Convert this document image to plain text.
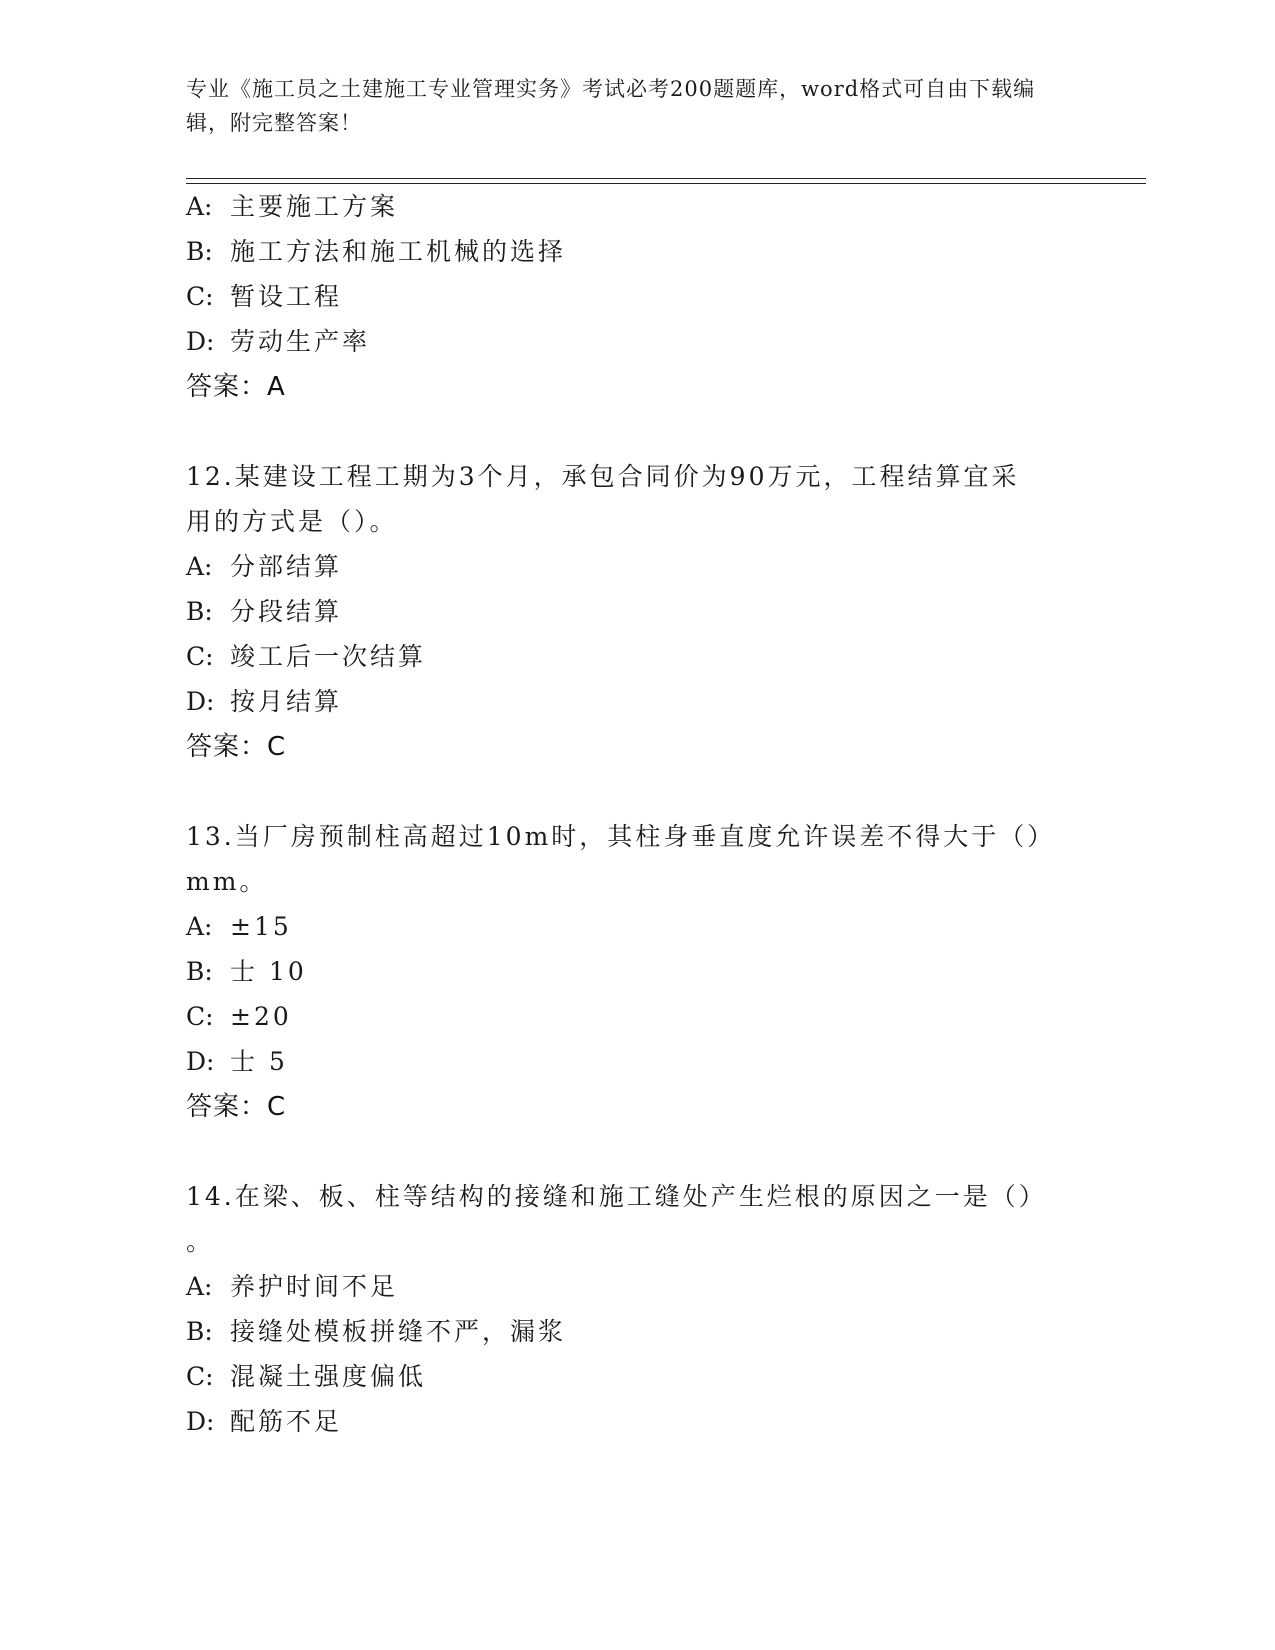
专业《施工员之土建施工专业管理实务》考试必考200题题库，word格式可自由下载编辑，附完整答案！
A: 主要施工方案
B: 施工方法和施工机械的选择
C: 暂设工程
D: 劳动生产率
答案：A
12.某建设工程工期为3个月，承包合同价为90万元，工程结算宜采
用的方式是（）。
A: 分部结算
B: 分段结算
C: 竣工后一次结算
D: 按月结算
答案：C
13.当厂房预制柱高超过10m时，其柱身垂直度允许误差不得大于（）
mm。
A: ±15
B: 士 10
C: ±20
D: 士 5
答案：C
14.在梁、板、柱等结构的接缝和施工缝处产生烂根的原因之一是（）
。
A: 养护时间不足
B: 接缝处模板拼缝不严，漏浆
C: 混凝土强度偏低
D: 配筋不足
